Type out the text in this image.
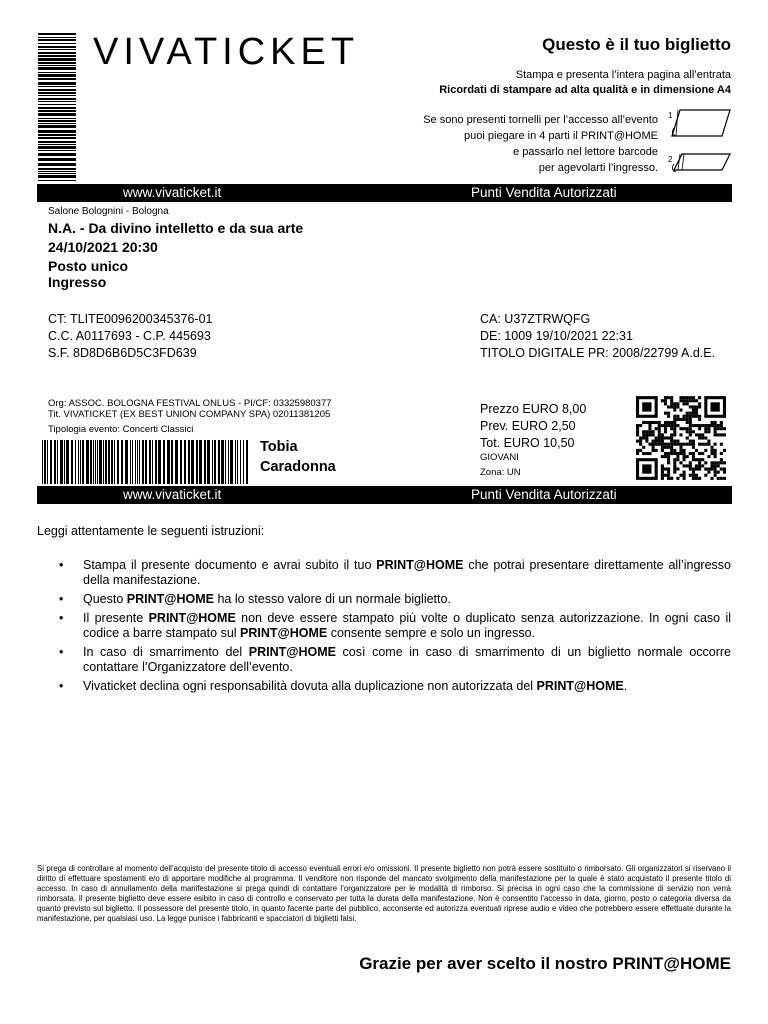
VIVATICKET	Questo è il tuo biglietto
Stampa e presenta l’intera pagina all’entrata
Ricordati di stampare ad alta qualità e in dimensione A4
Se sono presenti tornelli per l’accesso all’evento
puoi piegare in 4 parti il PRINT@HOME
e passarlo nel lettore barcode
per agevolarti l’ingresso.
1
2
www.vivaticket.it	Punti Vendita Autorizzati
Salone Bolognini - Bologna
N.A. - Da divino intelletto e da sua arte
24/10/2021 20:30
Posto unico
Ingresso
CT: TLITE0096200345376-01
C.C. A0117693 - C.P. 445693
S.F. 8D8D6B6D5C3FD639
CA: U37ZTRWQFG
DE: 1009 19/10/2021 22:31
TITOLO DIGITALE PR: 2008/22799 A.d.E.
Org: ASSOC. BOLOGNA FESTIVAL ONLUS - PI/CF: 03325980377
Tit. VIVATICKET (EX BEST UNION COMPANY SPA) 02011381205
Tipologia evento: Concerti Classici
Tobia
Caradonna
Prezzo EURO 8,00
Prev. EURO 2,50
Tot. EURO 10,50
GIOVANI
Zona: UN
www.vivaticket.it	Punti Vendita Autorizzati
Leggi attentamente le seguenti istruzioni:
• Stampa il presente documento e avrai subito il tuo PRINT@HOME che potrai presentare direttamente all’ingresso della manifestazione.
• Questo PRINT@HOME ha lo stesso valore di un normale biglietto.
• Il presente PRINT@HOME non deve essere stampato più volte o duplicato senza autorizzazione. In ogni caso il codice a barre stampato sul PRINT@HOME consente sempre e solo un ingresso.
• In caso di smarrimento del PRINT@HOME così come in caso di smarrimento di un biglietto normale occorre contattare l’Organizzatore dell’evento.
• Vivaticket declina ogni responsabilità dovuta alla duplicazione non autorizzata del PRINT@HOME.
Si prega di controllare al momento dell’acquisto del presente titolo di accesso eventuali errori e/o omissioni. Il presente biglietto non potrà essere sostituito o rimborsato. Gli organizzatori si riservano il diritto di effettuare spostamenti e/o di apportare modifiche al programma. Il venditore non risponde del mancato svolgimento della manifestazione per la quale è stato acquistato il presente titolo di accesso. In caso di annullamento della manifestazione si prega quindi di contattare l’organizzatore per le modalità di rimborso. Si precisa in ogni caso che la commissione di servizio non verrà rimborsata. Il presente biglietto deve essere esibito in caso di controllo e conservato per tutta la durata della manifestazione. Non è consentito l’accesso in data, giorno, posto o categoria diversa da quanto previsto sul biglietto. Il possessore del presente titolo, in quanto facente parte del pubblico, acconsente ed autorizza eventuali riprese audio e video che potrebbero essere effettuate durante la manifestazione, per qualsiasi uso. La legge punisce i fabbricanti e spacciatori di biglietti falsi.
Grazie per aver scelto il nostro PRINT@HOME
